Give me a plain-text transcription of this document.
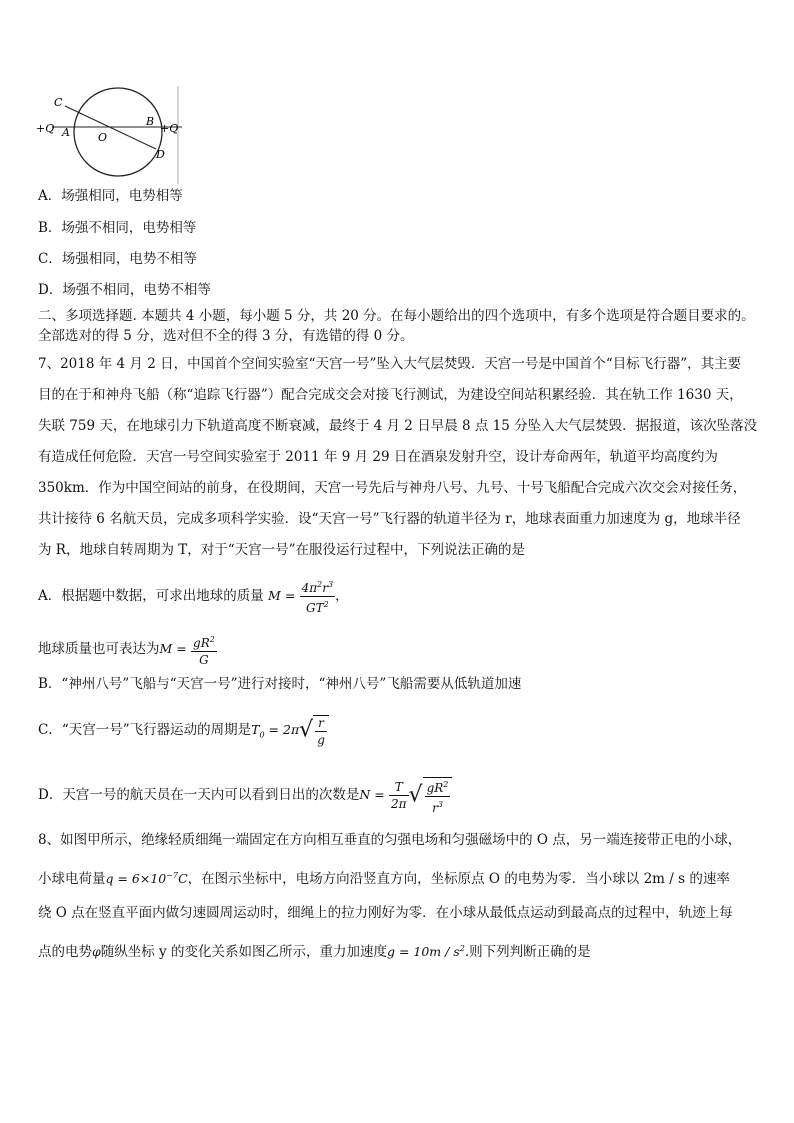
C
+Q A	O
B
+Q
D
A．场强相同，电势相等
B．场强不相同，电势相等
C．场强相同，电势不相等
D．场强不相同，电势不相等
二、多项选择题. 本题共 4 小题，每小题 5 分，共 20 分。在每小题给出的四个选项中，有多个选项是符合题目要求的。
全部选对的得 5 分，选对但不全的得 3 分，有选错的得 0 分。
7、2018 年 4 月 2 日，中国首个空间实验室“天宫一号”坠入大气层焚毁．天宫一号是中国首个“目标飞行器”，其主要
目的在于和神舟飞船（称“追踪飞行器”）配合完成交会对接飞行测试，为建设空间站积累经验．其在轨工作 1630 天，
失联 759 天，在地球引力下轨道高度不断衰减，最终于 4 月 2 日早晨 8 点 15 分坠入大气层焚毁．据报道，该次坠落没
有造成任何危险．天宫一号空间实验室于 2011 年 9 月 29 日在酒泉发射升空，设计寿命两年，轨道平均高度约为
350km．作为中国空间站的前身，在役期间，天宫一号先后与神舟八号、九号、十号飞船配合完成六次交会对接任务，
共计接待 6 名航天员，完成多项科学实验．设“天宫一号”飞行器的轨道半径为 r，地球表面重力加速度为 g，地球半径
为 R，地球自转周期为 T，对于“天宫一号”在服役运行过程中，下列说法正确的是
A．根据题中数据，可求出地球的质量 $M = \frac{4\pi^2r^3}{GT^2}$ ，
地球质量也可表达为$M = \frac{gR^2}{G}$
B．“神州八号”飞船与“天宫一号”进行对接时，“神州八号”飞船需要从低轨道加速
C．“天宫一号”飞行器运动的周期是$T_0 = 2\pi√ \frac{r}{g}$
D．天宫一号的航天员在一天内可以看到日出的次数是$N = \frac{T}{2\pi}$ √ $\frac{gR^2}{r^3}$
8、如图甲所示，绝缘轻质细绳一端固定在方向相互垂直的匀强电场和匀强磁场中的 O 点，另一端连接带正电的小球，
小球电荷量$q = 6\times 10^{-7}C$，在图示坐标中，电场方向沿竖直方向，坐标原点 O 的电势为零．当小球以 2m / s 的速率
绕 O 点在竖直平面内做匀速圆周运动时，细绳上的拉力刚好为零．在小球从最低点运动到最高点的过程中，轨迹上每
点的电势φ随纵坐标 y 的变化关系如图乙所示，重力加速度$g = 10m / s^2$.则下列判断正确的是
